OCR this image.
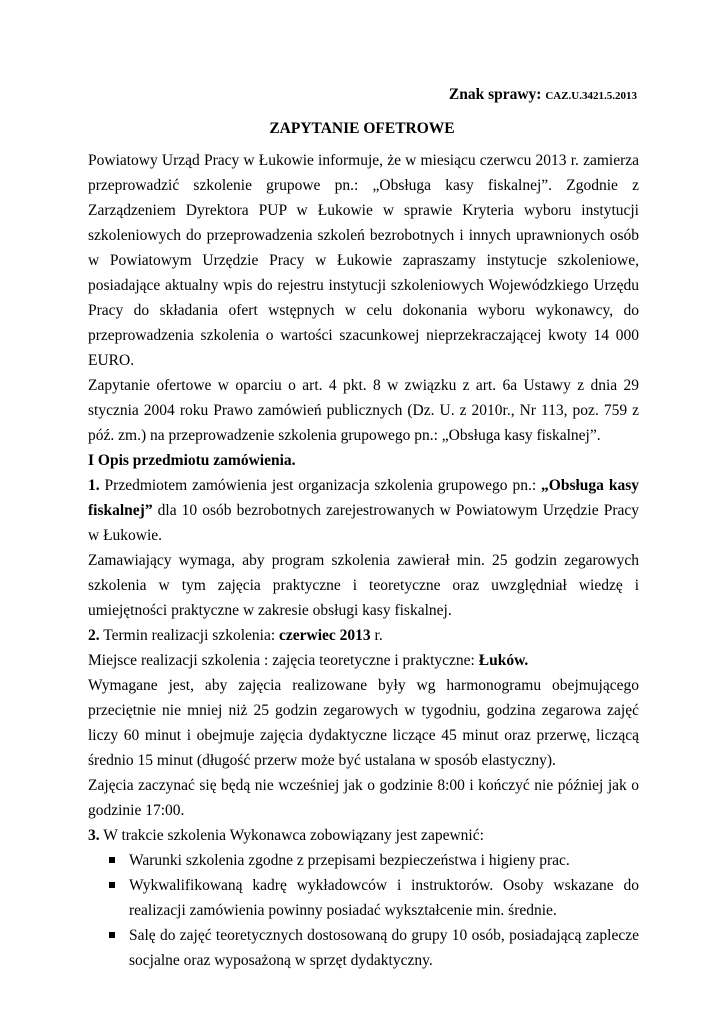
Znak sprawy: CAZ.U.3421.5.2013
ZAPYTANIE OFETROWE

Powiatowy Urząd Pracy w Łukowie informuje, że w miesiącu czerwcu 2013 r. zamierza przeprowadzić szkolenie grupowe pn.: „Obsługa kasy fiskalnej”. Zgodnie z Zarządzeniem Dyrektora PUP w Łukowie w sprawie Kryteria wyboru instytucji szkoleniowych do przeprowadzenia szkoleń bezrobotnych i innych uprawnionych osób w Powiatowym Urzędzie Pracy w Łukowie zapraszamy instytucje szkoleniowe, posiadające aktualny wpis do rejestru instytucji szkoleniowych Wojewódzkiego Urzędu Pracy do składania ofert wstępnych w celu dokonania wyboru wykonawcy, do przeprowadzenia szkolenia o wartości szacunkowej nieprzekraczającej kwoty 14 000 EURO.

Zapytanie ofertowe w oparciu o art. 4 pkt. 8 w związku z art. 6a Ustawy z dnia 29 stycznia 2004 roku Prawo zamówień publicznych (Dz. U. z 2010r., Nr 113, poz. 759 z póź. zm.) na przeprowadzenie szkolenia grupowego pn.: „Obsługa kasy fiskalnej”.

I Opis przedmiotu zamówienia.

1. Przedmiotem zamówienia jest organizacja szkolenia grupowego pn.: „Obsługa kasy fiskalnej” dla 10 osób bezrobotnych zarejestrowanych w Powiatowym Urzędzie Pracy w Łukowie.

Zamawiający wymaga, aby program szkolenia zawierał min. 25 godzin zegarowych szkolenia w tym zajęcia praktyczne i teoretyczne oraz uwzględniał wiedzę i umiejętności praktyczne w zakresie obsługi kasy fiskalnej.

2. Termin realizacji szkolenia: czerwiec 2013 r.

Miejsce realizacji szkolenia : zajęcia teoretyczne i praktyczne: Łuków.

Wymagane jest, aby zajęcia realizowane były wg harmonogramu obejmującego przeciętnie nie mniej niż 25 godzin zegarowych w tygodniu, godzina zegarowa zajęć liczy 60 minut i obejmuje zajęcia dydaktyczne liczące 45 minut oraz przerwę, liczącą średnio 15 minut (długość przerw może być ustalana w sposób elastyczny).

Zajęcia zaczynać się będą nie wcześniej jak o godzinie 8:00 i kończyć nie później jak o godzinie 17:00.

3. W trakcie szkolenia Wykonawca zobowiązany jest zapewnić:

Warunki szkolenia zgodne z przepisami bezpieczeństwa i higieny prac.
Wykwalifikowaną kadrę wykładowców i instruktorów. Osoby wskazane do realizacji zamówienia powinny posiadać wykształcenie min. średnie.
Salę do zajęć teoretycznych dostosowaną do grupy 10 osób, posiadającą zaplecze socjalne oraz wyposażoną w sprzęt dydaktyczny.
